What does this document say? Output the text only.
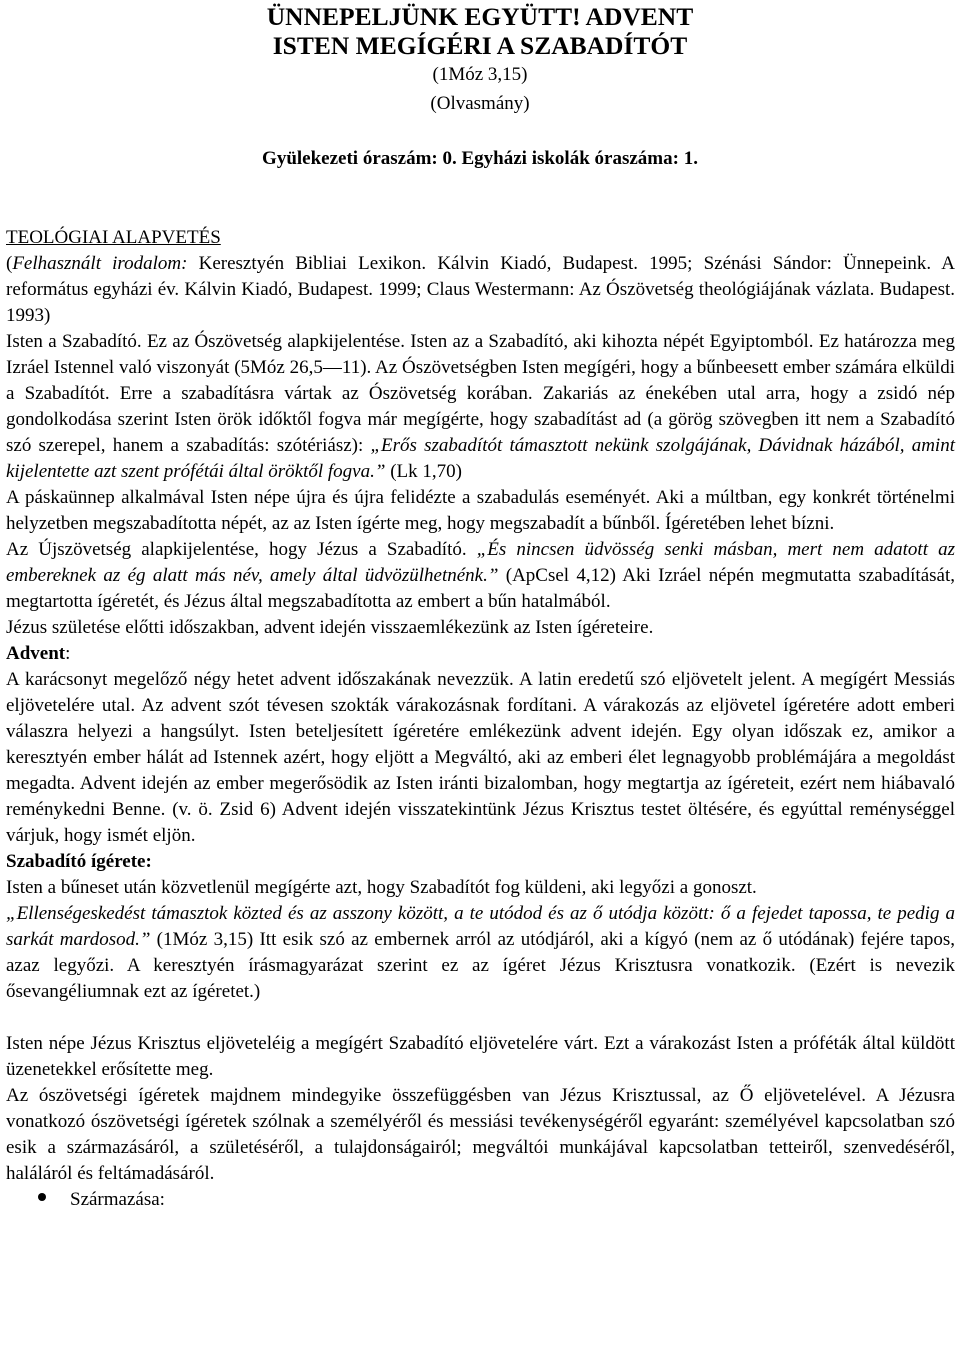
ÜNNEPELJÜNK EGYÜTT! ADVENT
ISTEN MEGÍGÉRI A SZABADÍTÓT
(1Móz 3,15)
(Olvasmány)
Gyülekezeti óraszám: 0. Egyházi iskolák óraszáma: 1.
TEOLÓGIAI ALAPVETÉS

(Felhasznált irodalom: Keresztyén Bibliai Lexikon. Kálvin Kiadó, Budapest. 1995; Szénási Sándor: Ünnepeink. A református egyházi év. Kálvin Kiadó, Budapest. 1999; Claus Westermann: Az Ószövetség theológiájának vázlata. Budapest. 1993)

Isten a Szabadító. Ez az Ószövetség alapkijelentése. Isten az a Szabadító, aki kihozta népét Egyiptomból. Ez határozza meg Izráel Istennel való viszonyát (5Móz 26,5—11). Az Ószövetségben Isten megígéri, hogy a bűnbeesett ember számára elküldi a Szabadítót. Erre a szabadításra vártak az Ószövetség korában. Zakariás az énekében utal arra, hogy a zsidó nép gondolkodása szerint Isten örök időktől fogva már megígérte, hogy szabadítást ad (a görög szövegben itt nem a Szabadító szó szerepel, hanem a szabadítás: szótériász): „Erős szabadítót támasztott nekünk szolgájának, Dávidnak házából, amint kijelentette azt szent prófétái által öröktől fogva.” (Lk 1,70)

A páskaünnep alkalmával Isten népe újra és újra felidézte a szabadulás eseményét. Aki a múltban, egy konkrét történelmi helyzetben megszabadította népét, az az Isten ígérte meg, hogy megszabadít a bűnből. Ígéretében lehet bízni.

Az Újszövetség alapkijelentése, hogy Jézus a Szabadító. „És nincsen üdvösség senki másban, mert nem adatott az embereknek az ég alatt más név, amely által üdvözülhetnénk.” (ApCsel 4,12) Aki Izráel népén megmutatta szabadítását, megtartotta ígéretét, és Jézus által megszabadította az embert a bűn hatalmából.

Jézus születése előtti időszakban, advent idején visszaemlékezünk az Isten ígéreteire.

Advent:

A karácsonyt megelőző négy hetet advent időszakának nevezzük. A latin eredetű szó eljövetelt jelent. A megígért Messiás eljövetelére utal. Az advent szót tévesen szokták várakozásnak fordítani. A várakozás az eljövetel ígéretére adott emberi válaszra helyezi a hangsúlyt. Isten beteljesített ígéretére emlékezünk advent idején. Egy olyan időszak ez, amikor a keresztyén ember hálát ad Istennek azért, hogy eljött a Megváltó, aki az emberi élet legnagyobb problémájára a megoldást megadta. Advent idején az ember megerősödik az Isten iránti bizalomban, hogy megtartja az ígéreteit, ezért nem hiábavaló reménykedni Benne. (v. ö. Zsid 6) Advent idején visszatekintünk Jézus Krisztus testet öltésére, és egyúttal reménységgel várjuk, hogy ismét eljön.

Szabadító ígérete:

Isten a bűneset után közvetlenül megígérte azt, hogy Szabadítót fog küldeni, aki legyőzi a gonoszt.

„Ellenségeskedést támasztok közted és az asszony között, a te utódod és az ő utódja között: ő a fejedet tapossa, te pedig a sarkát mardosod.” (1Móz 3,15) Itt esik szó az embernek arról az utódjáról, aki a kígyó (nem az ő utódának) fejére tapos, azaz legyőzi. A keresztyén írásmagyarázat szerint ez az ígéret Jézus Krisztusra vonatkozik. (Ezért is nevezik ősevangéliumnak ezt az ígéretet.)

Isten népe Jézus Krisztus eljöveteléig a megígért Szabadító eljövetelére várt. Ezt a várakozást Isten a próféták által küldött üzenetekkel erősítette meg.

Az ószövetségi ígéretek majdnem mindegyike összefüggésben van Jézus Krisztussal, az Ő eljövetelével. A Jézusra vonatkozó ószövetségi ígéretek szólnak a személyéről és messiási tevékenységéről egyaránt: személyével kapcsolatban szó esik a származásáról, a születéséről, a tulajdonságairól; megváltói munkájával kapcsolatban tetteiről, szenvedéséről, haláláról és feltámadásáról.

Származása:
